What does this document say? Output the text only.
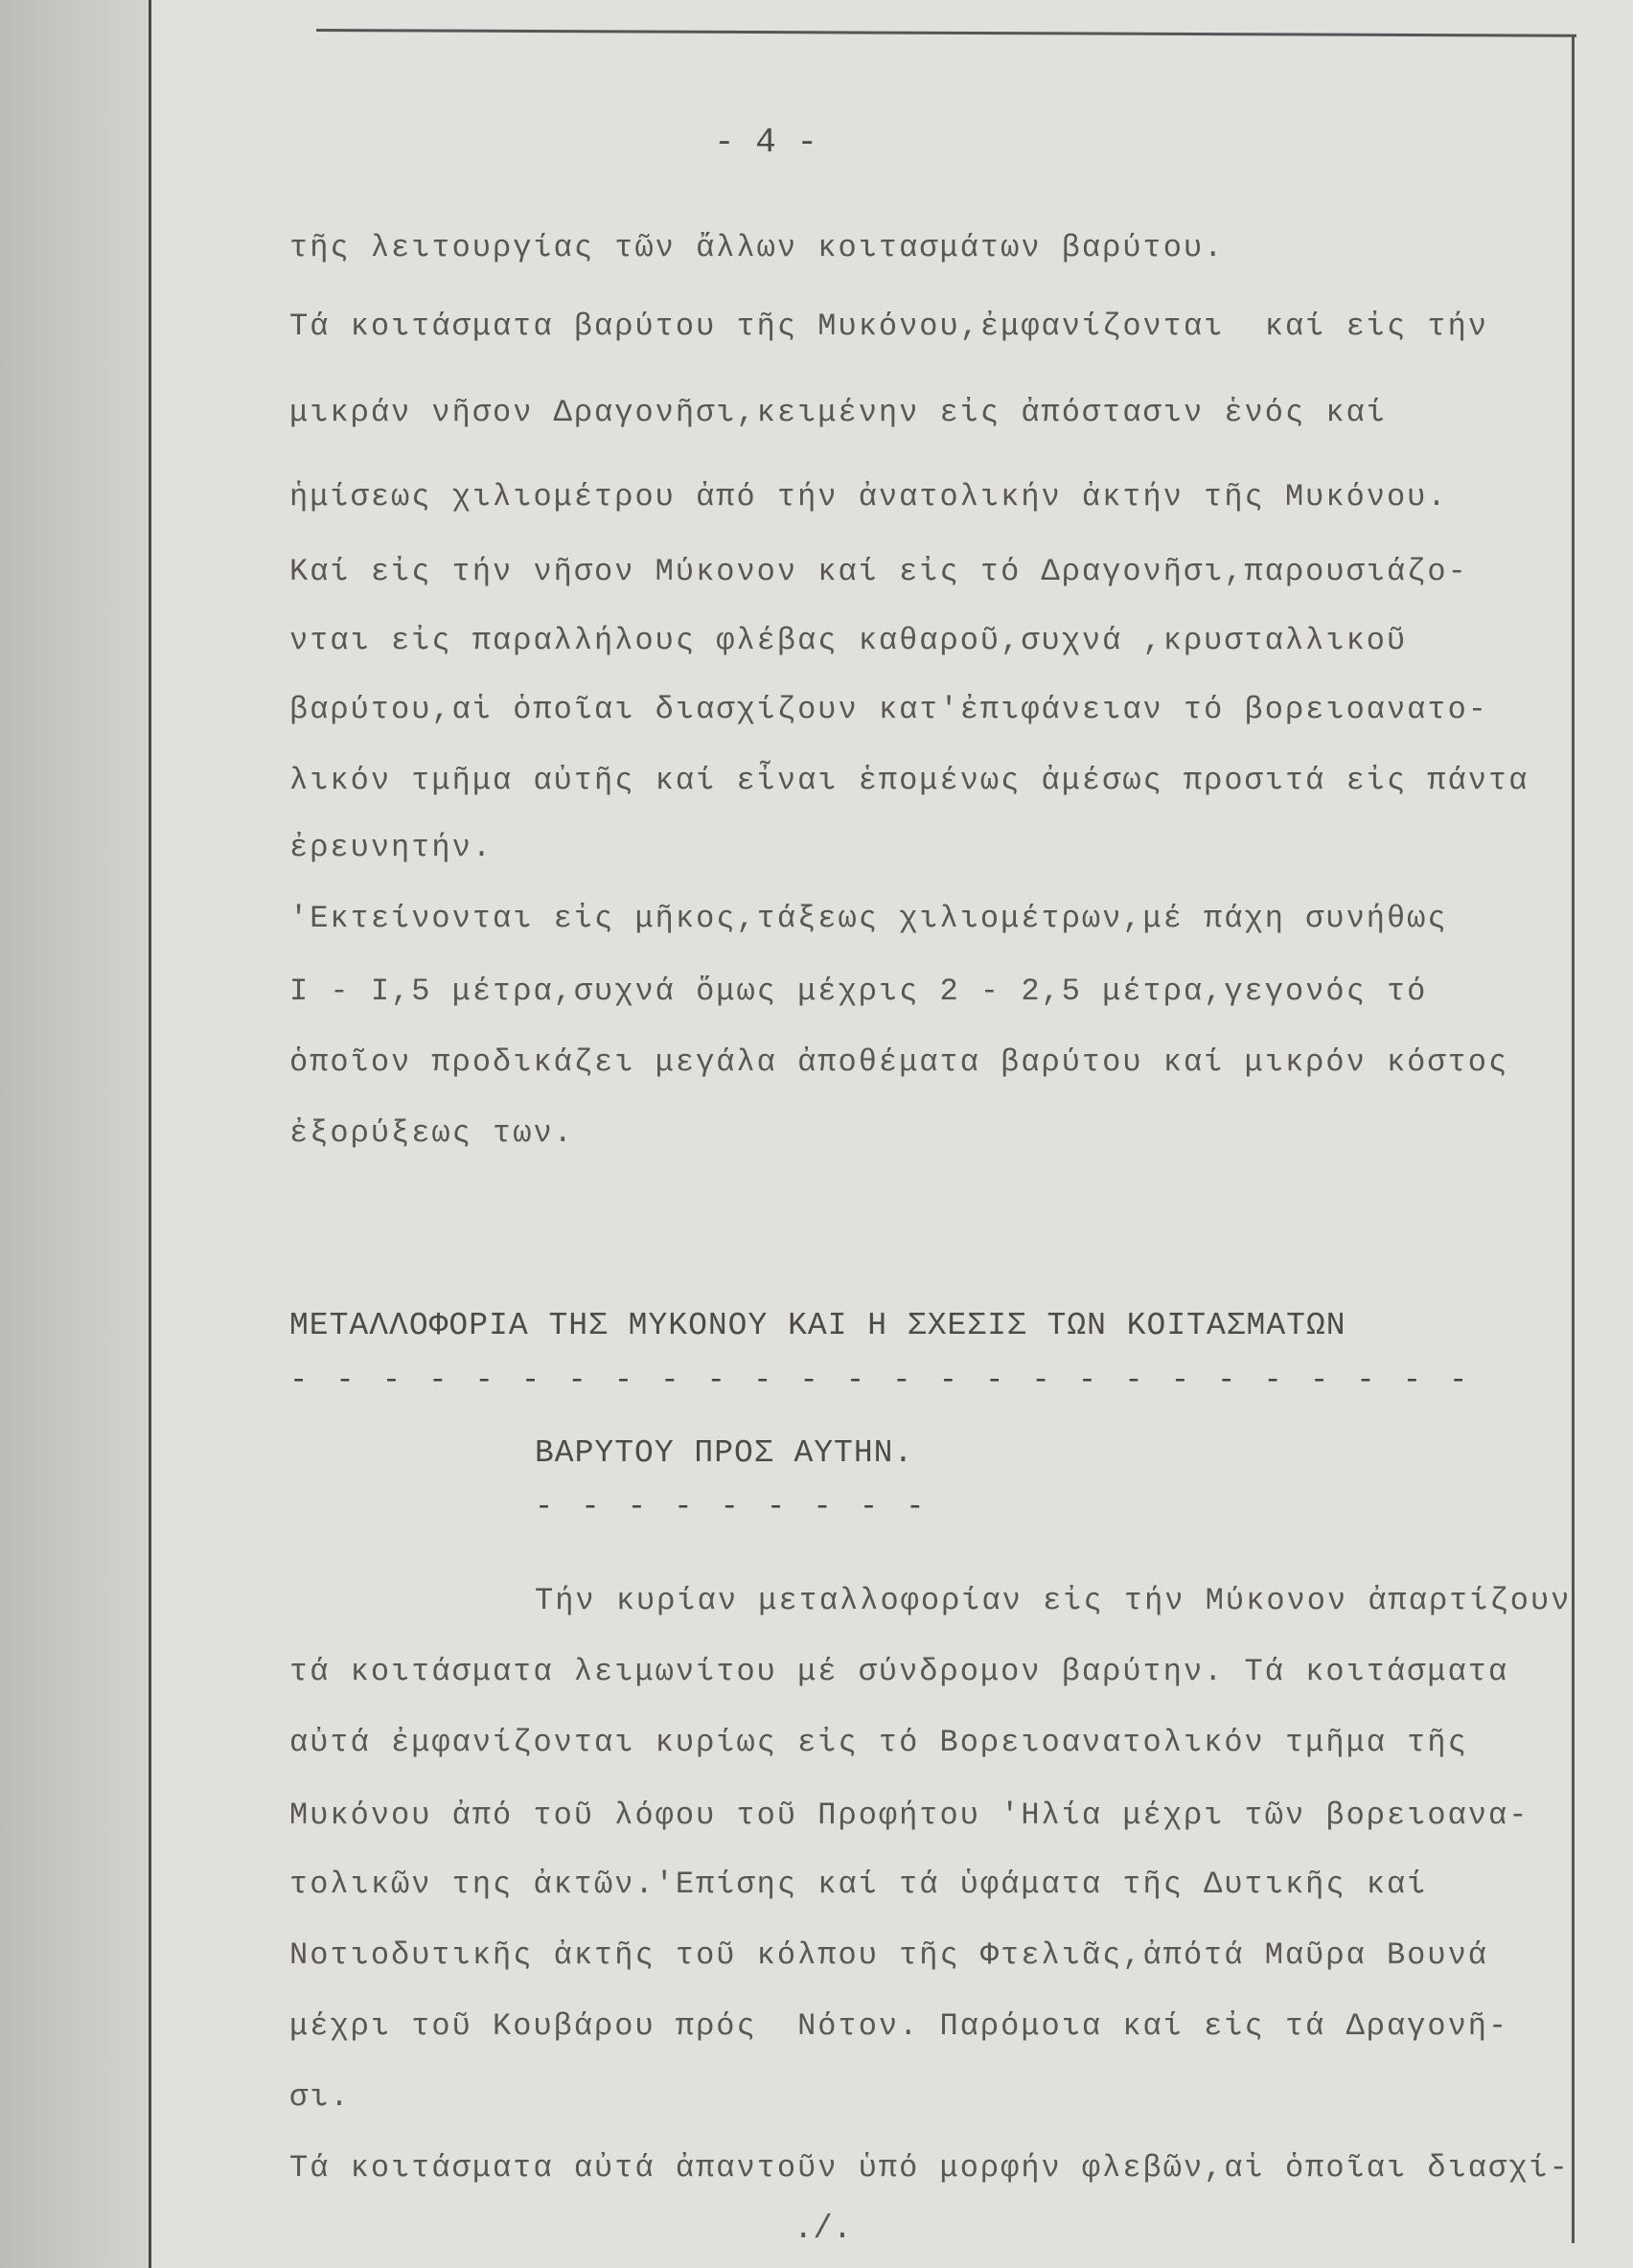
- 4 -

τῆς λειτουργίας τῶν ἄλλων κοιτασμάτων βαρύτου.

Τά κοιτάσματα βαρύτου τῆς Μυκόνου,ἐμφανίζονται  καί εἰς τήν

μικράν νῆσον Δραγονῆσι,κειμένην εἰς ἀπόστασιν ἑνός καί

ἡμίσεως χιλιομέτρου ἀπό τήν ἀνατολικήν ἀκτήν τῆς Μυκόνου.

Καί εἰς τήν νῆσον Μύκονον καί εἰς τό Δραγονῆσι,παρουσιάζο-

νται εἰς παραλλήλους φλέβας καθαροῦ,συχνά ,κρυσταλλικοῦ

βαρύτου,αἱ ὁποῖαι διασχίζουν κατ'ἐπιφάνειαν τό βορειοανατο-

λικόν τμῆμα αὐτῆς καί εἶναι ἑπομένως ἀμέσως προσιτά εἰς πάντα

ἐρευνητήν.

'Εκτείνονται εἰς μῆκος,τάξεως χιλιομέτρων,μέ πάχη συνήθως

I - I,5 μέτρα,συχνά ὅμως μέχρις 2 - 2,5 μέτρα,γεγονός τό

ὁποῖον προδικάζει μεγάλα ἀποθέματα βαρύτου καί μικρόν κόστος

ἐξορύξεως των.

ΜΕΤΑΛΛΟΦΟΡΙΑ ΤΗΣ ΜΥΚΟΝΟΥ ΚΑΙ Η ΣΧΕΣΙΣ ΤΩΝ ΚΟΙΤΑΣΜΑΤΩΝ

- - - - - - - - - - - - - - - - - - - - - - - - - -

ΒΑΡΥΤΟΥ ΠΡΟΣ ΑΥΤΗΝ.

- - - - - - - - -

Τήν κυρίαν μεταλλοφορίαν εἰς τήν Μύκονον ἀπαρτίζουν

τά κοιτάσματα λειμωνίτου μέ σύνδρομον βαρύτην. Τά κοιτάσματα

αὐτά ἐμφανίζονται κυρίως εἰς τό Βορειοανατολικόν τμῆμα τῆς

Μυκόνου ἀπό τοῦ λόφου τοῦ Προφήτου 'Ηλία μέχρι τῶν βορειοανα-

τολικῶν της ἀκτῶν.'Επίσης καί τά ὑφάματα τῆς Δυτικῆς καί

Νοτιοδυτικῆς ἀκτῆς τοῦ κόλπου τῆς Φτελιᾶς,ἀπότά Μαῦρα Βουνά

μέχρι τοῦ Κουβάρου πρός  Νότον. Παρόμοια καί εἰς τά Δραγονῆ-

σι.

Τά κοιτάσματα αὐτά ἀπαντοῦν ὑπό μορφήν φλεβῶν,αἱ ὁποῖαι διασχί-

./.
